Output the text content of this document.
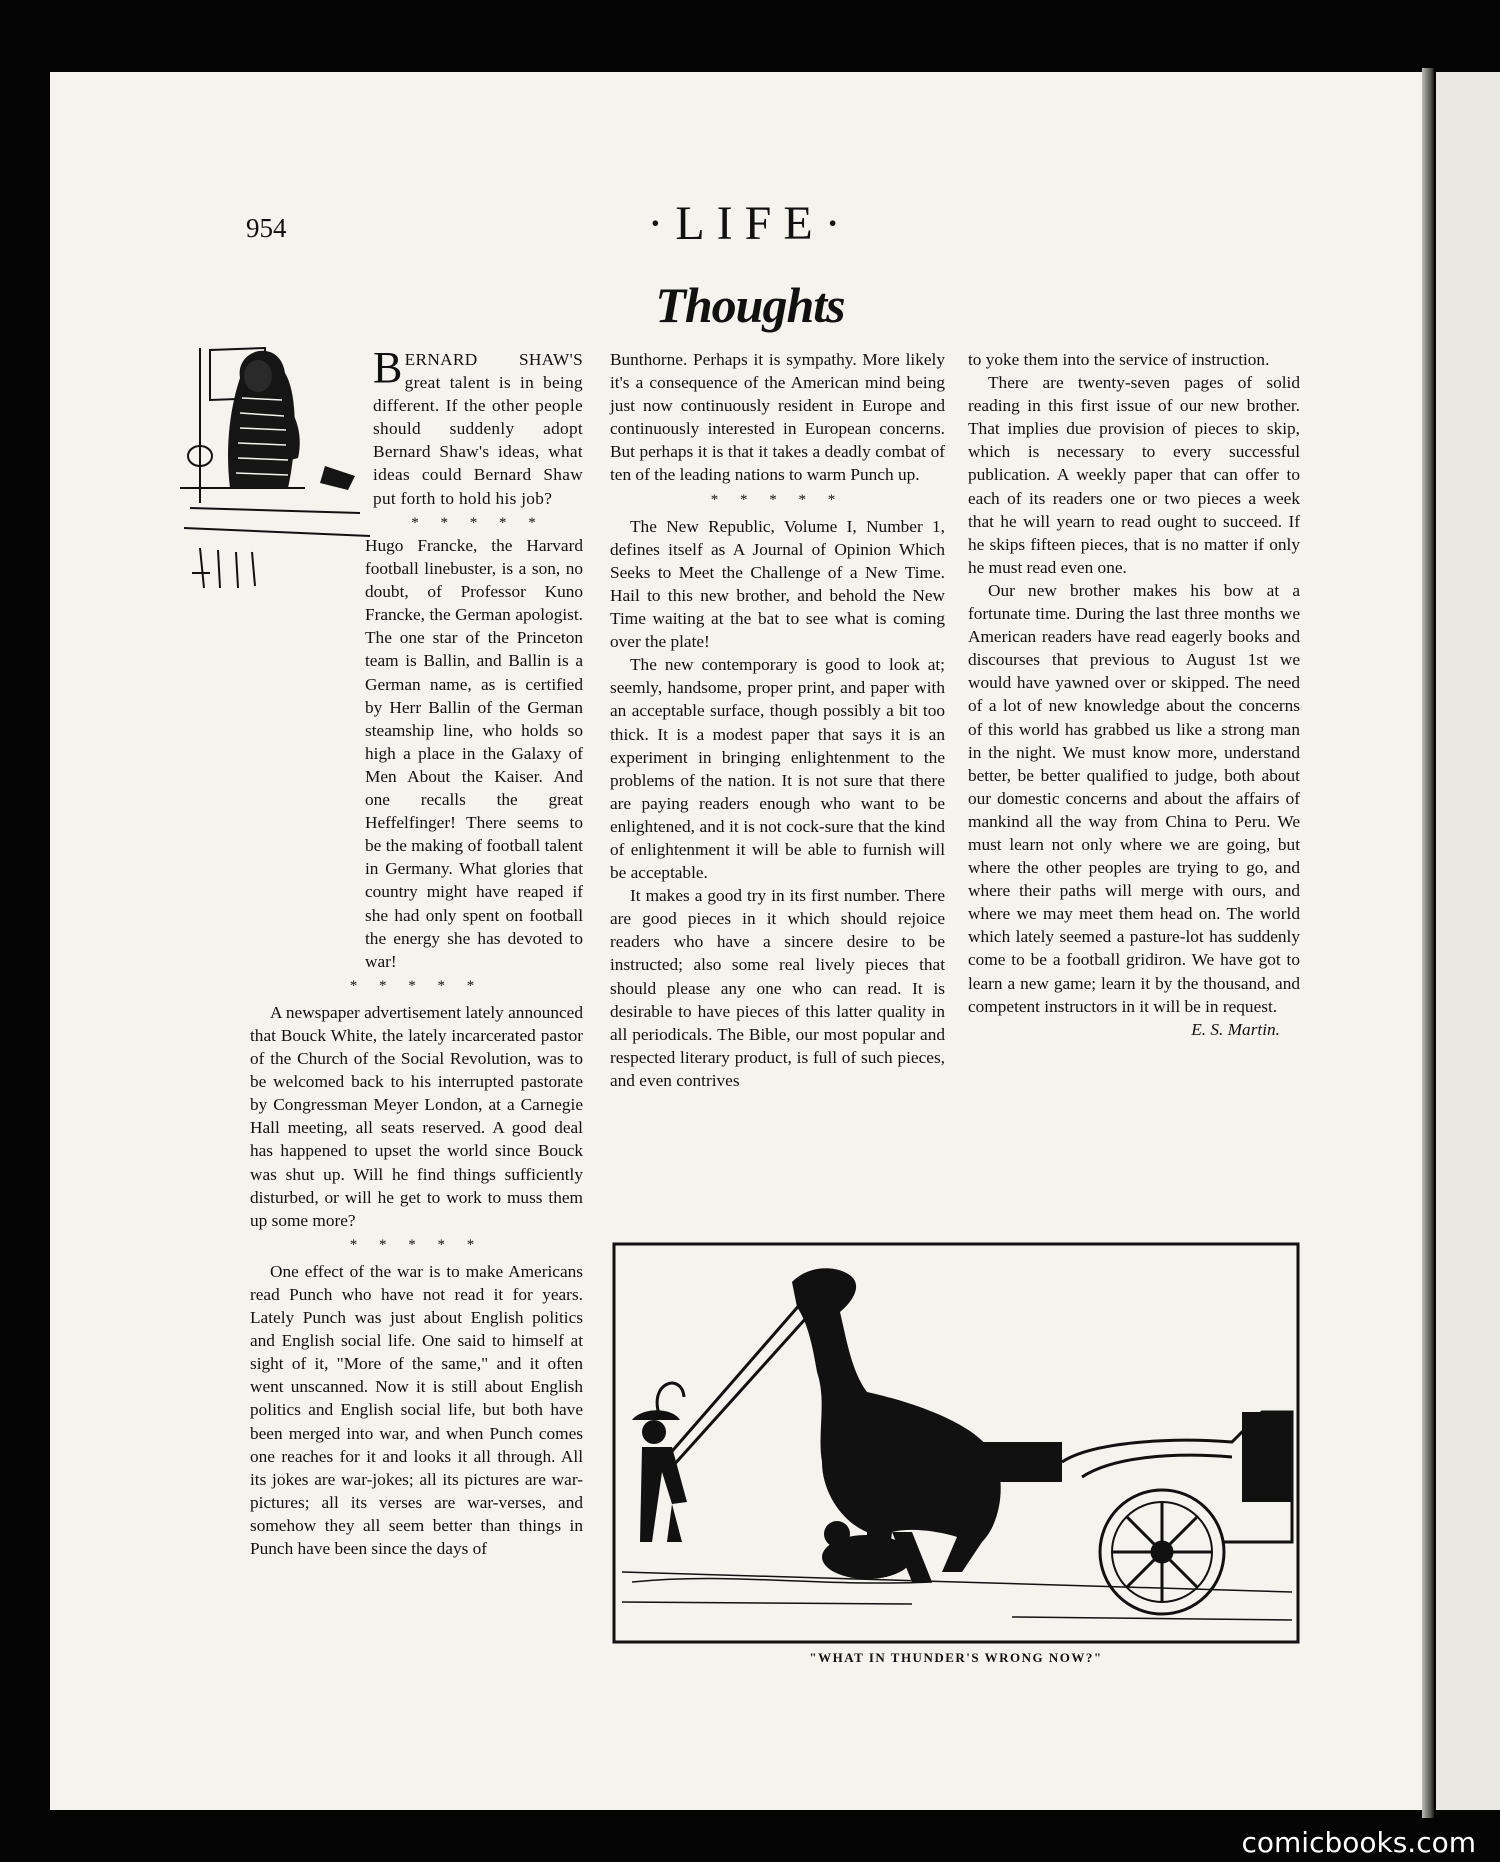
954	·LIFE·
Thoughts

BERNARD SHAW'S great talent is in being different. If the other people should suddenly adopt Bernard Shaw's ideas, what ideas could Bernard Shaw put forth to hold his job?

* * * * *

Hugo Francke, the Harvard football linebuster, is a son, no doubt, of Professor Kuno Francke, the German apologist. The one star of the Princeton team is Ballin, and Ballin is a German name, as is certified by Herr Ballin of the German steamship line, who holds so high a place in the Galaxy of Men About the Kaiser. And one recalls the great Heffelfinger! There seems to be the making of football talent in Germany. What glories that country might have reaped if she had only spent on football the energy she has devoted to war!

* * * * *

A newspaper advertisement lately announced that Bouck White, the lately incarcerated pastor of the Church of the Social Revolution, was to be welcomed back to his interrupted pastorate by Congressman Meyer London, at a Carnegie Hall meeting, all seats reserved. A good deal has happened to upset the world since Bouck was shut up. Will he find things sufficiently disturbed, or will he get to work to muss them up some more?

* * * * *

One effect of the war is to make Americans read Punch who have not read it for years. Lately Punch was just about English politics and English social life. One said to himself at sight of it, "More of the same," and it often went unscanned. Now it is still about English politics and English social life, but both have been merged into war, and when Punch comes one reaches for it and looks it all through. All its jokes are war-jokes; all its pictures are war-pictures; all its verses are war-verses, and somehow they all seem better than things in Punch have been since the days of

Bunthorne. Perhaps it is sympathy. More likely it's a consequence of the American mind being just now continuously resident in Europe and continuously interested in European concerns. But perhaps it is that it takes a deadly combat of ten of the leading nations to warm Punch up.

* * * * *

The New Republic, Volume I, Number 1, defines itself as A Journal of Opinion Which Seeks to Meet the Challenge of a New Time. Hail to this new brother, and behold the New Time waiting at the bat to see what is coming over the plate!

The new contemporary is good to look at; seemly, handsome, proper print, and paper with an acceptable surface, though possibly a bit too thick. It is a modest paper that says it is an experiment in bringing enlightenment to the problems of the nation. It is not sure that there are paying readers enough who want to be enlightened, and it is not cock-sure that the kind of enlightenment it will be able to furnish will be acceptable.

It makes a good try in its first number. There are good pieces in it which should rejoice readers who have a sincere desire to be instructed; also some real lively pieces that should please any one who can read. It is desirable to have pieces of this latter quality in all periodicals. The Bible, our most popular and respected literary product, is full of such pieces, and even contrives

to yoke them into the service of instruction.

There are twenty-seven pages of solid reading in this first issue of our new brother. That implies due provision of pieces to skip, which is necessary to every successful publication. A weekly paper that can offer to each of its readers one or two pieces a week that he will yearn to read ought to succeed. If he skips fifteen pieces, that is no matter if only he must read even one.

Our new brother makes his bow at a fortunate time. During the last three months we American readers have read eagerly books and discourses that previous to August 1st we would have yawned over or skipped. The need of a lot of new knowledge about the concerns of this world has grabbed us like a strong man in the night. We must know more, understand better, be better qualified to judge, both about our domestic concerns and about the affairs of mankind all the way from China to Peru. We must learn not only where we are going, but where the other peoples are trying to go, and where their paths will merge with ours, and where we may meet them head on. The world which lately seemed a pasture-lot has suddenly come to be a football gridiron. We have got to learn a new game; learn it by the thousand, and competent instructors in it will be in request.

E. S. Martin.

"WHAT IN THUNDER'S WRONG NOW?"
comicbooks.com
